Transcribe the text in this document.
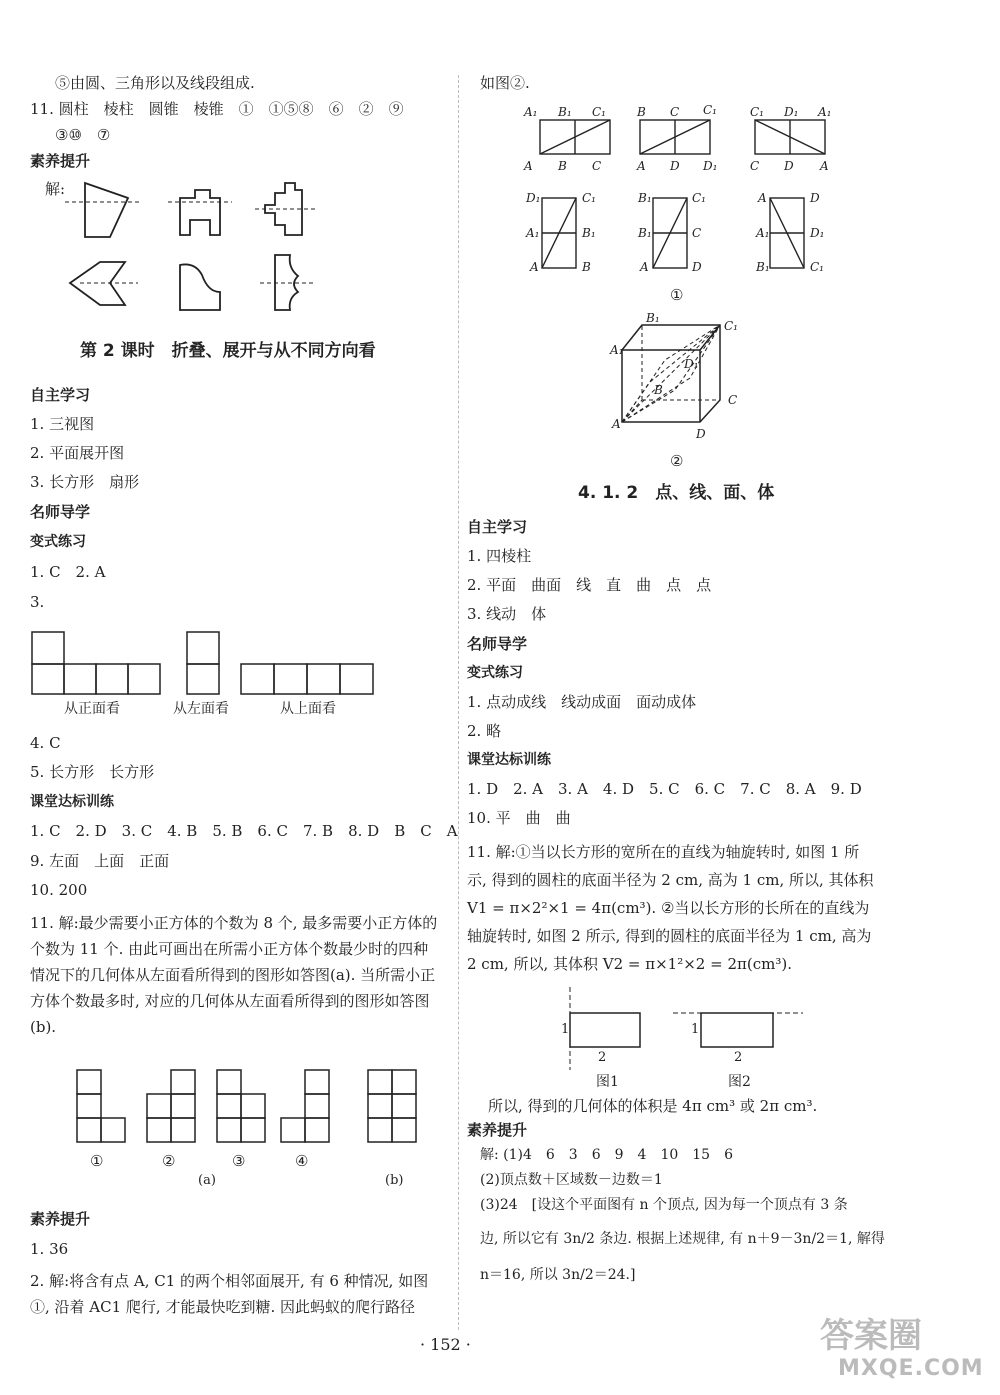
⑤由圆、三角形以及线段组成.
11. 圆柱　棱柱　圆锥　棱锥　①　①⑤⑧　⑥　②　⑨
③⑩　⑦
素养提升
解:
第 2 课时　折叠、展开与从不同方向看
自主学习
1. 三视图
2. 平面展开图
3. 长方形　扇形
名师导学
变式练习
1. C　2. A
3.
从正面看	从左面看	从上面看
4. C
5. 长方形　长方形
课堂达标训练
1. C　2. D　3. C　4. B　5. B　6. C　7. B　8. D　B　C　A
9. 左面　上面　正面
10. 200
11. 解:最少需要小正方体的个数为 8 个, 最多需要小正方体的个数为 11 个. 由此可画出在所需小正方体个数最少时的四种情况下的几何体从左面看所得到的图形如答图(a). 当所需小正方体个数最多时, 对应的几何体从左面看所得到的图形如答图(b).
①	②	③	④
(a)	(b)
素养提升
1. 36
2. 解:将含有点 A, C1 的两个相邻面展开, 有 6 种情况, 如图①, 沿着 AC1 爬行, 才能最快吃到糖. 因此蚂蚁的爬行路径
如图②.
A₁ B₁ C₁
A B C
B C C₁
A D D₁
C₁ D₁ A₁
C D A
D₁	C₁
A₁	B₁
A	B
B₁	C₁
B₁	C
A	D
A	D
A₁	D₁
B₁	C₁
①
B₁
C₁
A₁
D₁
B
C
A
D
②
4. 1. 2　点、线、面、体
自主学习
1. 四棱柱
2. 平面　曲面　线　直　曲　点　点
3. 线动　体
名师导学
变式练习
1. 点动成线　线动成面　面动成体
2. 略
课堂达标训练
1. D　2. A　3. A　4. D　5. C　6. C　7. C　8. A　9. D
10. 平　曲　曲
11. 解:①当以长方形的宽所在的直线为轴旋转时, 如图 1 所示, 得到的圆柱的底面半径为 2 cm, 高为 1 cm, 所以, 其体积 V1 = π×2²×1 = 4π(cm³). ②当以长方形的长所在的直线为轴旋转时, 如图 2 所示, 得到的圆柱的底面半径为 1 cm, 高为 2 cm, 所以, 其体积 V2 = π×1²×2 = 2π(cm³).
1
2
1
2
图1	图2
所以, 得到的几何体的体积是 4π cm³ 或 2π cm³.
素养提升
解: (1)4　6　3　6　9　4　10　15　6
(2)顶点数＋区域数－边数＝1
(3)24　[设这个平面图有 n 个顶点, 因为每一个顶点有 3 条
边, 所以它有 3n/2 条边. 根据上述规律, 有 n＋9－3n/2＝1, 解得
n＝16, 所以 3n/2＝24.]
· 152 ·	答案圈
MXQE.COM
